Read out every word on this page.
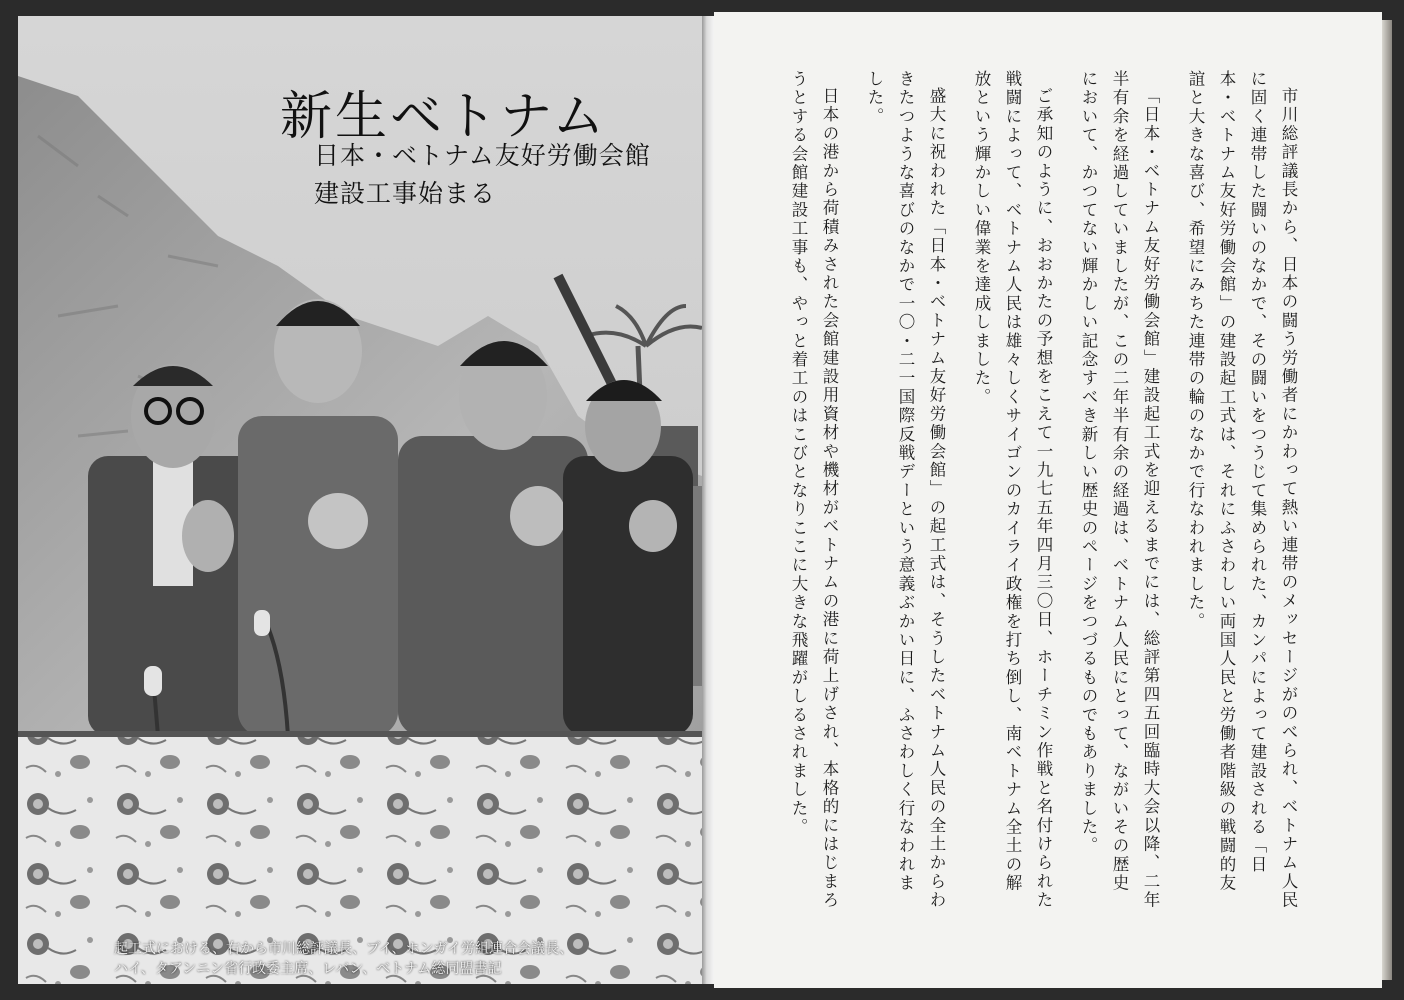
新生ベトナム
日本・ベトナム友好労働会館
建設工事始まる
起工式における、右から市川総評議長、ブイ、ホンガイ労組連合会議長、
ハイ、タアンニン省行政委主席、レバン、ベトナム総同盟書記

市川総評議長から、日本の闘う労働者にかわって熱い連帯のメッセージがのべられ、ベトナム人民に固く連帯した闘いのなかで、その闘いをつうじて集められた、カンパによって建設される「日本・ベトナム友好労働会館」の建設起工式は、それにふさわしい両国人民と労働者階級の戦闘的友誼と大きな喜び、希望にみちた連帯の輪のなかで行なわれました。

「日本・ベトナム友好労働会館」建設起工式を迎えるまでには、総評第四五回臨時大会以降、二年半有余を経過していましたが、この二年半有余の経過は、ベトナム人民にとって、ながいその歴史において、かつてない輝かしい記念すべき新しい歴史のページをつづるものでもありました。

ご承知のように、おおかたの予想をこえて一九七五年四月三〇日、ホーチミン作戦と名付けられた戦闘によって、ベトナム人民は雄々しくサイゴンのカイライ政権を打ち倒し、南ベトナム全土の解放という輝かしい偉業を達成しました。

盛大に祝われた「日本・ベトナム友好労働会館」の起工式は、そうしたベトナム人民の全土からわきたつような喜びのなかで一〇・二一国際反戦デーという意義ぶかい日に、ふさわしく行なわれました。

日本の港から荷積みされた会館建設用資材や機材がベトナムの港に荷上げされ、本格的にはじまろうとする会館建設工事も、やっと着工のはこびとなりここに大きな飛躍がしるされました。
